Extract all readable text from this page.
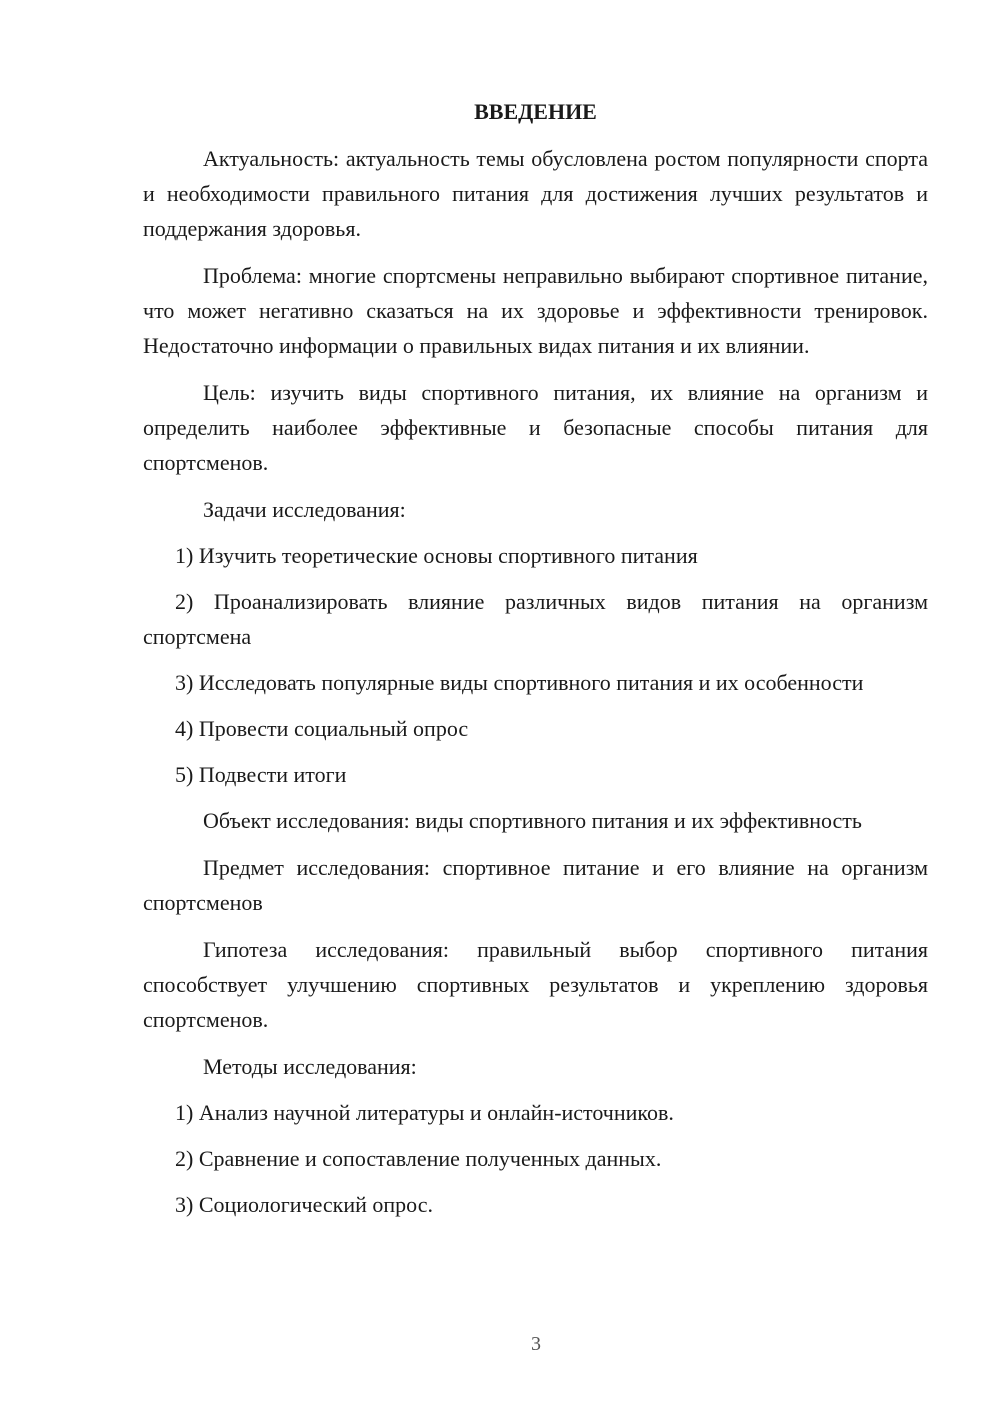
ВВЕДЕНИЕ

Актуальность: актуальность темы обусловлена ростом популярности спорта и необходимости правильного питания для достижения лучших результатов и поддержания здоровья.

Проблема: многие спортсмены неправильно выбирают спортивное питание, что может негативно сказаться на их здоровье и эффективности тренировок. Недостаточно информации о правильных видах питания и их влиянии.

Цель: изучить виды спортивного питания, их влияние на организм и определить наиболее эффективные и безопасные способы питания для спортсменов.

Задачи исследования:

1) Изучить теоретические основы спортивного питания

2) Проанализировать влияние различных видов питания на организм спортсмена

3) Исследовать популярные виды спортивного питания и их особенности

4) Провести социальный опрос

5) Подвести итоги

Объект исследования: виды спортивного питания и их эффективность

Предмет исследования: спортивное питание и его влияние на организм спортсменов

Гипотеза исследования: правильный выбор спортивного питания способствует улучшению спортивных результатов и укреплению здоровья спортсменов.

Методы исследования:

1) Анализ научной литературы и онлайн-источников.

2) Сравнение и сопоставление полученных данных.

3) Социологический опрос.

3
